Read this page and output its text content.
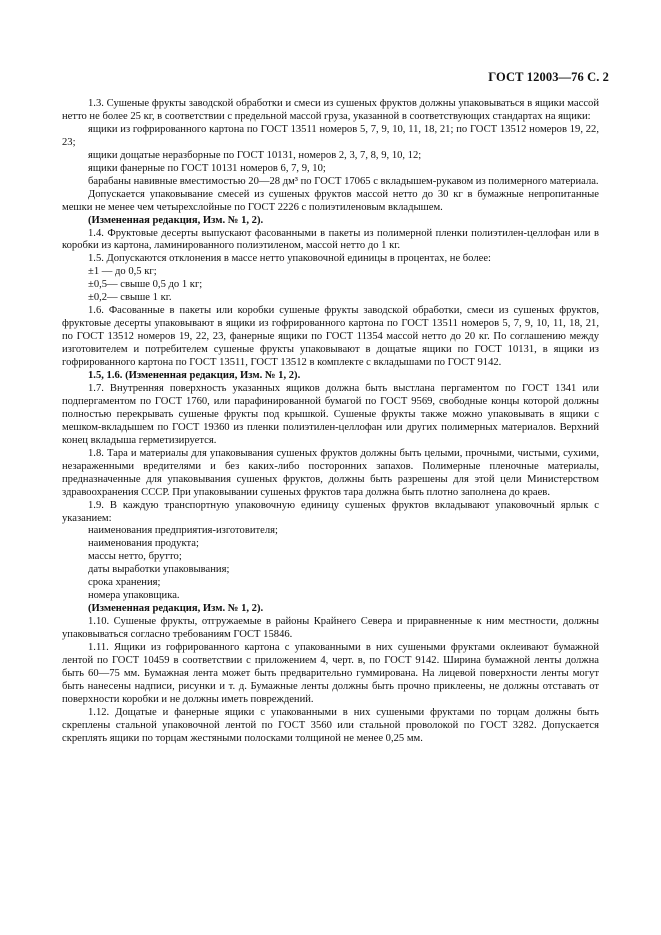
ГОСТ 12003—76 С. 2

1.3. Сушеные фрукты заводской обработки и смеси из сушеных фруктов должны упаковываться в ящики массой нетто не более 25 кг, в соответствии с предельной массой груза, указанной в соответствующих стандартах на ящики:

ящики из гофрированного картона по ГОСТ 13511 номеров 5, 7, 9, 10, 11, 18, 21; по ГОСТ 13512 номеров 19, 22, 23;

ящики дощатые неразборные по ГОСТ 10131, номеров 2, 3, 7, 8, 9, 10, 12;

ящики фанерные по ГОСТ 10131 номеров 6, 7, 9, 10;

барабаны навивные вместимостью 20—28 дм³ по ГОСТ 17065 с вкладышем-рукавом из полимерного материала.

Допускается упаковывание смесей из сушеных фруктов массой нетто до 30 кг в бумажные непропитанные мешки не менее чем четырехслойные по ГОСТ 2226 с полиэтиленовым вкладышем.

(Измененная редакция, Изм. № 1, 2).

1.4. Фруктовые десерты выпускают фасованными в пакеты из полимерной пленки полиэтилен-целлофан или в коробки из картона, ламинированного полиэтиленом, массой нетто до 1 кг.

1.5. Допускаются отклонения в массе нетто упаковочной единицы в процентах, не более:

±1 — до 0,5 кг;

±0,5— свыше 0,5 до 1 кг;

±0,2— свыше 1 кг.

1.6. Фасованные в пакеты или коробки сушеные фрукты заводской обработки, смеси из сушеных фруктов, фруктовые десерты упаковывают в ящики из гофрированного картона по ГОСТ 13511 номеров 5, 7, 9, 10, 11, 18, 21, по ГОСТ 13512 номеров 19, 22, 23, фанерные ящики по ГОСТ 11354 массой нетто до 20 кг. По соглашению между изготовителем и потребителем сушеные фрукты упаковывают в дощатые ящики по ГОСТ 10131, в ящики из гофрированного картона по ГОСТ 13511, ГОСТ 13512 в комплекте с вкладышами по ГОСТ 9142.

1.5, 1.6. (Измененная редакция, Изм. № 1, 2).

1.7. Внутренняя поверхность указанных ящиков должна быть выстлана пергаментом по ГОСТ 1341 или подпергаментом по ГОСТ 1760, или парафинированной бумагой по ГОСТ 9569, свободные концы которой должны полностью перекрывать сушеные фрукты под крышкой. Сушеные фрукты также можно упаковывать в ящики с мешком-вкладышем по ГОСТ 19360 из пленки полиэтилен-целлофан или других полимерных материалов. Верхний конец вкладыша герметизируется.

1.8. Тара и материалы для упаковывания сушеных фруктов должны быть целыми, прочными, чистыми, сухими, незараженными вредителями и без каких-либо посторонних запахов. Полимерные пленочные материалы, предназначенные для упаковывания сушеных фруктов, должны быть разрешены для этой цели Министерством здравоохранения СССР. При упаковывании сушеных фруктов тара должна быть плотно заполнена до краев.

1.9. В каждую транспортную упаковочную единицу сушеных фруктов вкладывают упаковочный ярлык с указанием:

наименования предприятия-изготовителя;

наименования продукта;

массы нетто, брутто;

даты выработки упаковывания;

срока хранения;

номера упаковщика.

(Измененная редакция, Изм. № 1, 2).

1.10. Сушеные фрукты, отгружаемые в районы Крайнего Севера и приравненные к ним местности, должны упаковываться согласно требованиям ГОСТ 15846.

1.11. Ящики из гофрированного картона с упакованными в них сушеными фруктами оклеивают бумажной лентой по ГОСТ 10459 в соответствии с приложением 4, черт. в, по ГОСТ 9142. Ширина бумажной ленты должна быть 60—75 мм. Бумажная лента может быть предварительно гуммирована. На лицевой поверхности ленты могут быть нанесены надписи, рисунки и т. д. Бумажные ленты должны быть прочно приклеены, не должны отставать от поверхности коробки и не должны иметь повреждений.

1.12. Дощатые и фанерные ящики с упакованными в них сушеными фруктами по торцам должны быть скреплены стальной упаковочной лентой по ГОСТ 3560 или стальной проволокой по ГОСТ 3282. Допускается скреплять ящики по торцам жестяными полосками толщиной не менее 0,25 мм.
